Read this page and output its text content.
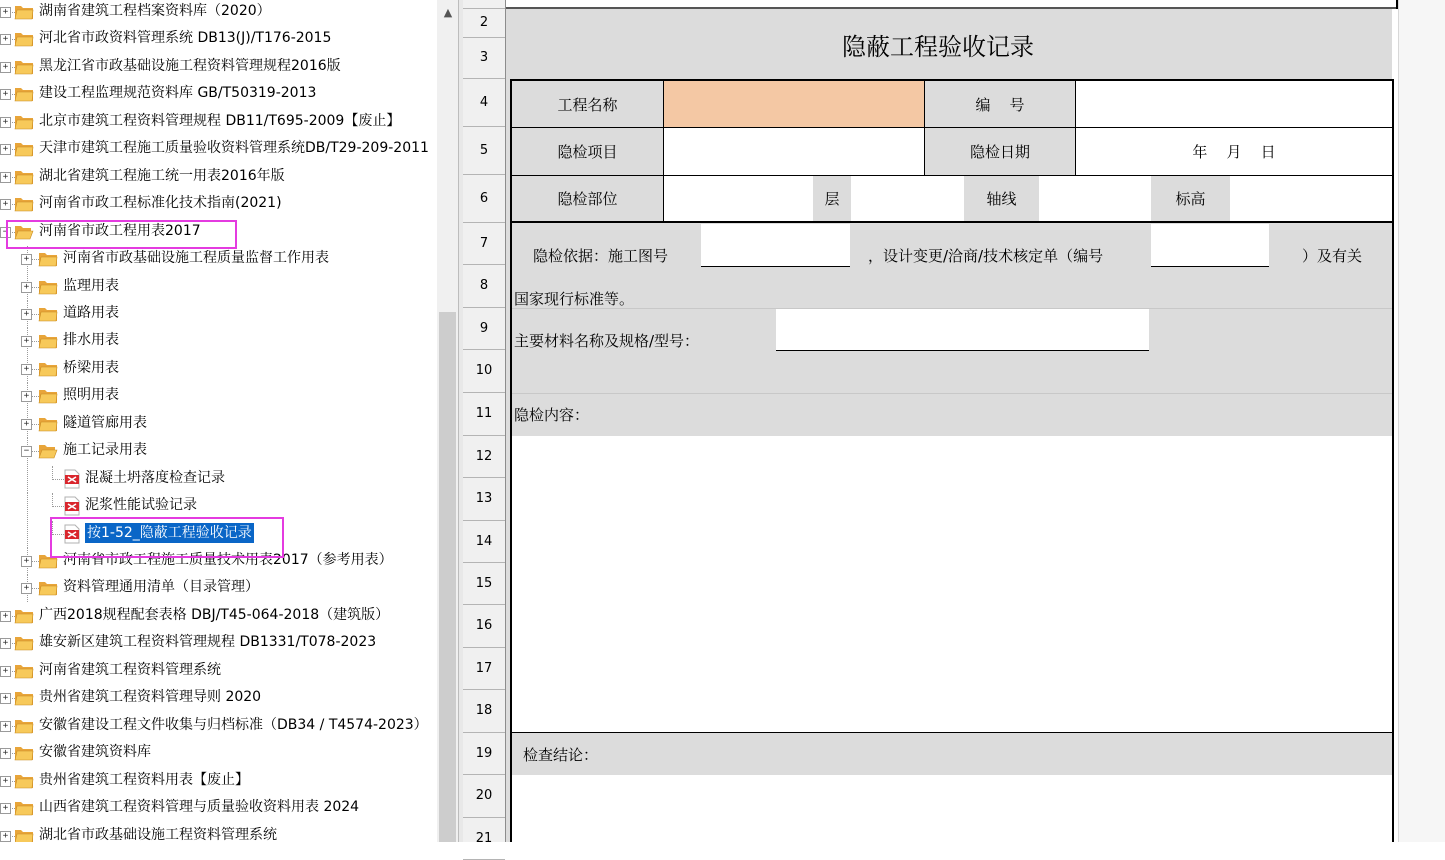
+ 湖南省建筑工程档案资料库（2020）
+ 河北省市政资料管理系统 DB13(J)/T176-2015
+ 黑龙江省市政基础设施工程资料管理规程2016版
+ 建设工程监理规范资料库 GB/T50319-2013
+ 北京市建筑工程资料管理规程 DB11/T695-2009【废止】
+ 天津市建筑工程施工质量验收资料管理系统DB/T29-209-2011
+ 湖北省建筑工程施工统一用表2016年版
+ 河南省市政工程标准化技术指南(2021)
− 河南省市政工程用表2017
+ 河南省市政基础设施工程质量监督工作用表
+ 监理用表
+ 道路用表
+ 排水用表
+ 桥梁用表
+ 照明用表
+ 隧道管廊用表
− 施工记录用表
混凝土坍落度检查记录
泥浆性能试验记录
按1-52_隐蔽工程验收记录
+ 河南省市政工程施工质量技术用表2017（参考用表）
+ 资料管理通用清单（目录管理）
+ 广西2018规程配套表格 DBJ/T45-064-2018（建筑版）
+ 雄安新区建筑工程资料管理规程 DB1331/T078-2023
+ 河南省建筑工程资料管理系统
+ 贵州省建筑工程资料管理导则 2020
+ 安徽省建设工程文件收集与归档标准（DB34 / T4574-2023）
+ 安徽省建筑资料库
+ 贵州省建筑工程资料用表【废止】
+ 山西省建筑工程资料管理与质量验收资料用表 2024
+ 湖北省市政基础设施工程资料管理系统
▲
2
3
4
5
6
7
8
9
10
11
12
13
14
15
16
17
18
19
20
21
隐蔽工程验收记录
工程名称	编    号
隐检项目	隐检日期	年    月    日
隐检部位	层	轴线	标高
隐检依据：施工图号	，设计变更/洽商/技术核定单（编号	）及有关
国家现行标准等。
主要材料名称及规格/型号：
隐检内容：
检查结论：
